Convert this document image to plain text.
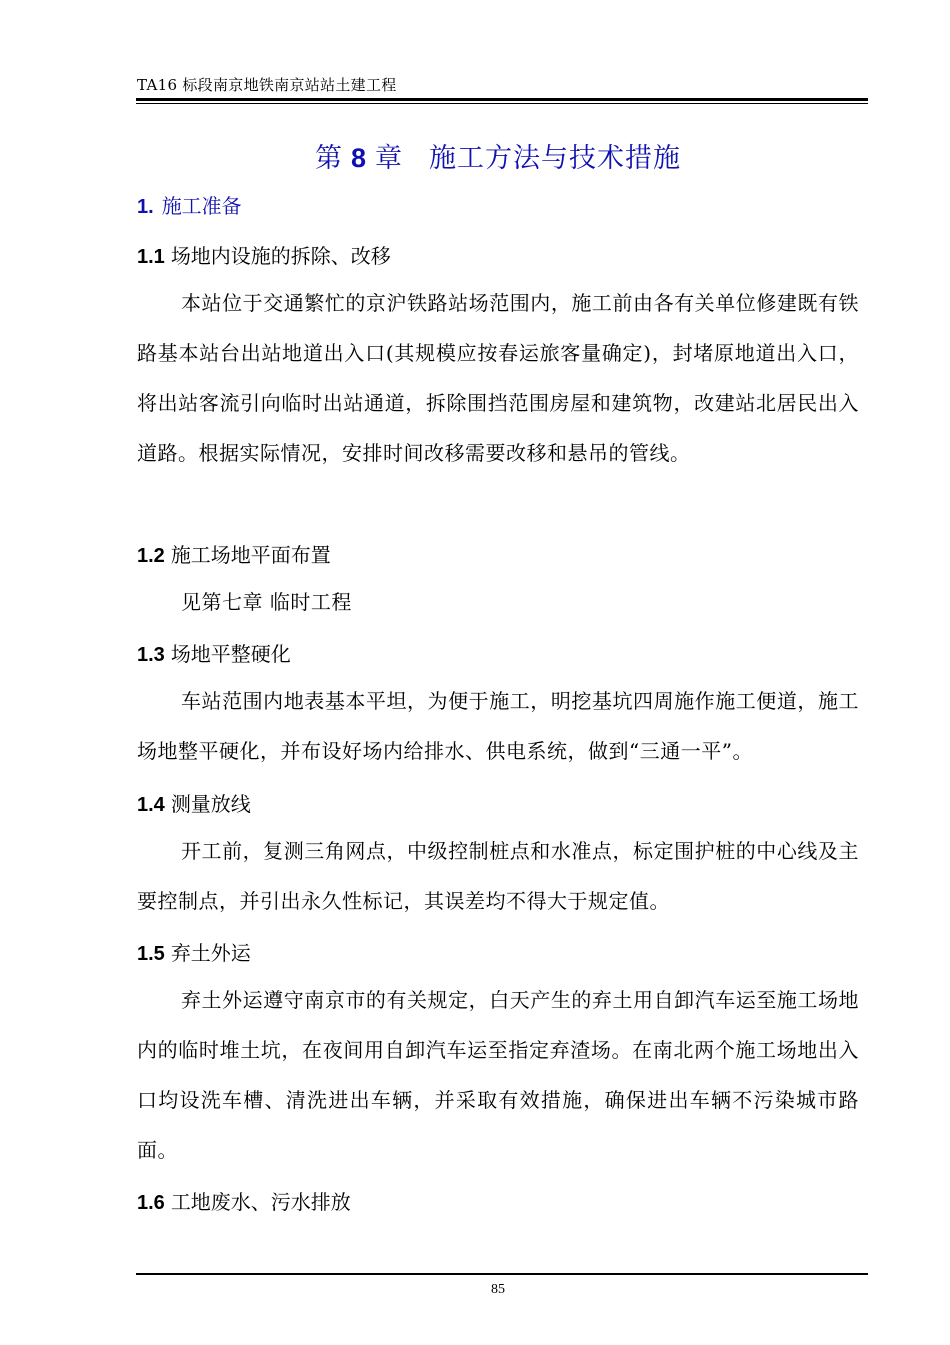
TA16 标段南京地铁南京站站土建工程
第 8 章 施工方法与技术措施
1. 施工准备
1.1 场地内设施的拆除、改移
本站位于交通繁忙的京沪铁路站场范围内，施工前由各有关单位修建既有铁路基本站台出站地道出入口(其规模应按春运旅客量确定)，封堵原地道出入口，将出站客流引向临时出站通道，拆除围挡范围房屋和建筑物，改建站北居民出入道路。根据实际情况，安排时间改移需要改移和悬吊的管线。
1.2 施工场地平面布置
见第七章 临时工程
1.3 场地平整硬化
车站范围内地表基本平坦，为便于施工，明挖基坑四周施作施工便道，施工场地整平硬化，并布设好场内给排水、供电系统，做到“三通一平”。
1.4 测量放线
开工前，复测三角网点，中级控制桩点和水准点，标定围护桩的中心线及主要控制点，并引出永久性标记，其误差均不得大于规定值。
1.5 弃土外运
弃土外运遵守南京市的有关规定，白天产生的弃土用自卸汽车运至施工场地内的临时堆土坑，在夜间用自卸汽车运至指定弃渣场。在南北两个施工场地出入口均设洗车槽、清洗进出车辆，并采取有效措施，确保进出车辆不污染城市路面。
1.6 工地废水、污水排放
85
